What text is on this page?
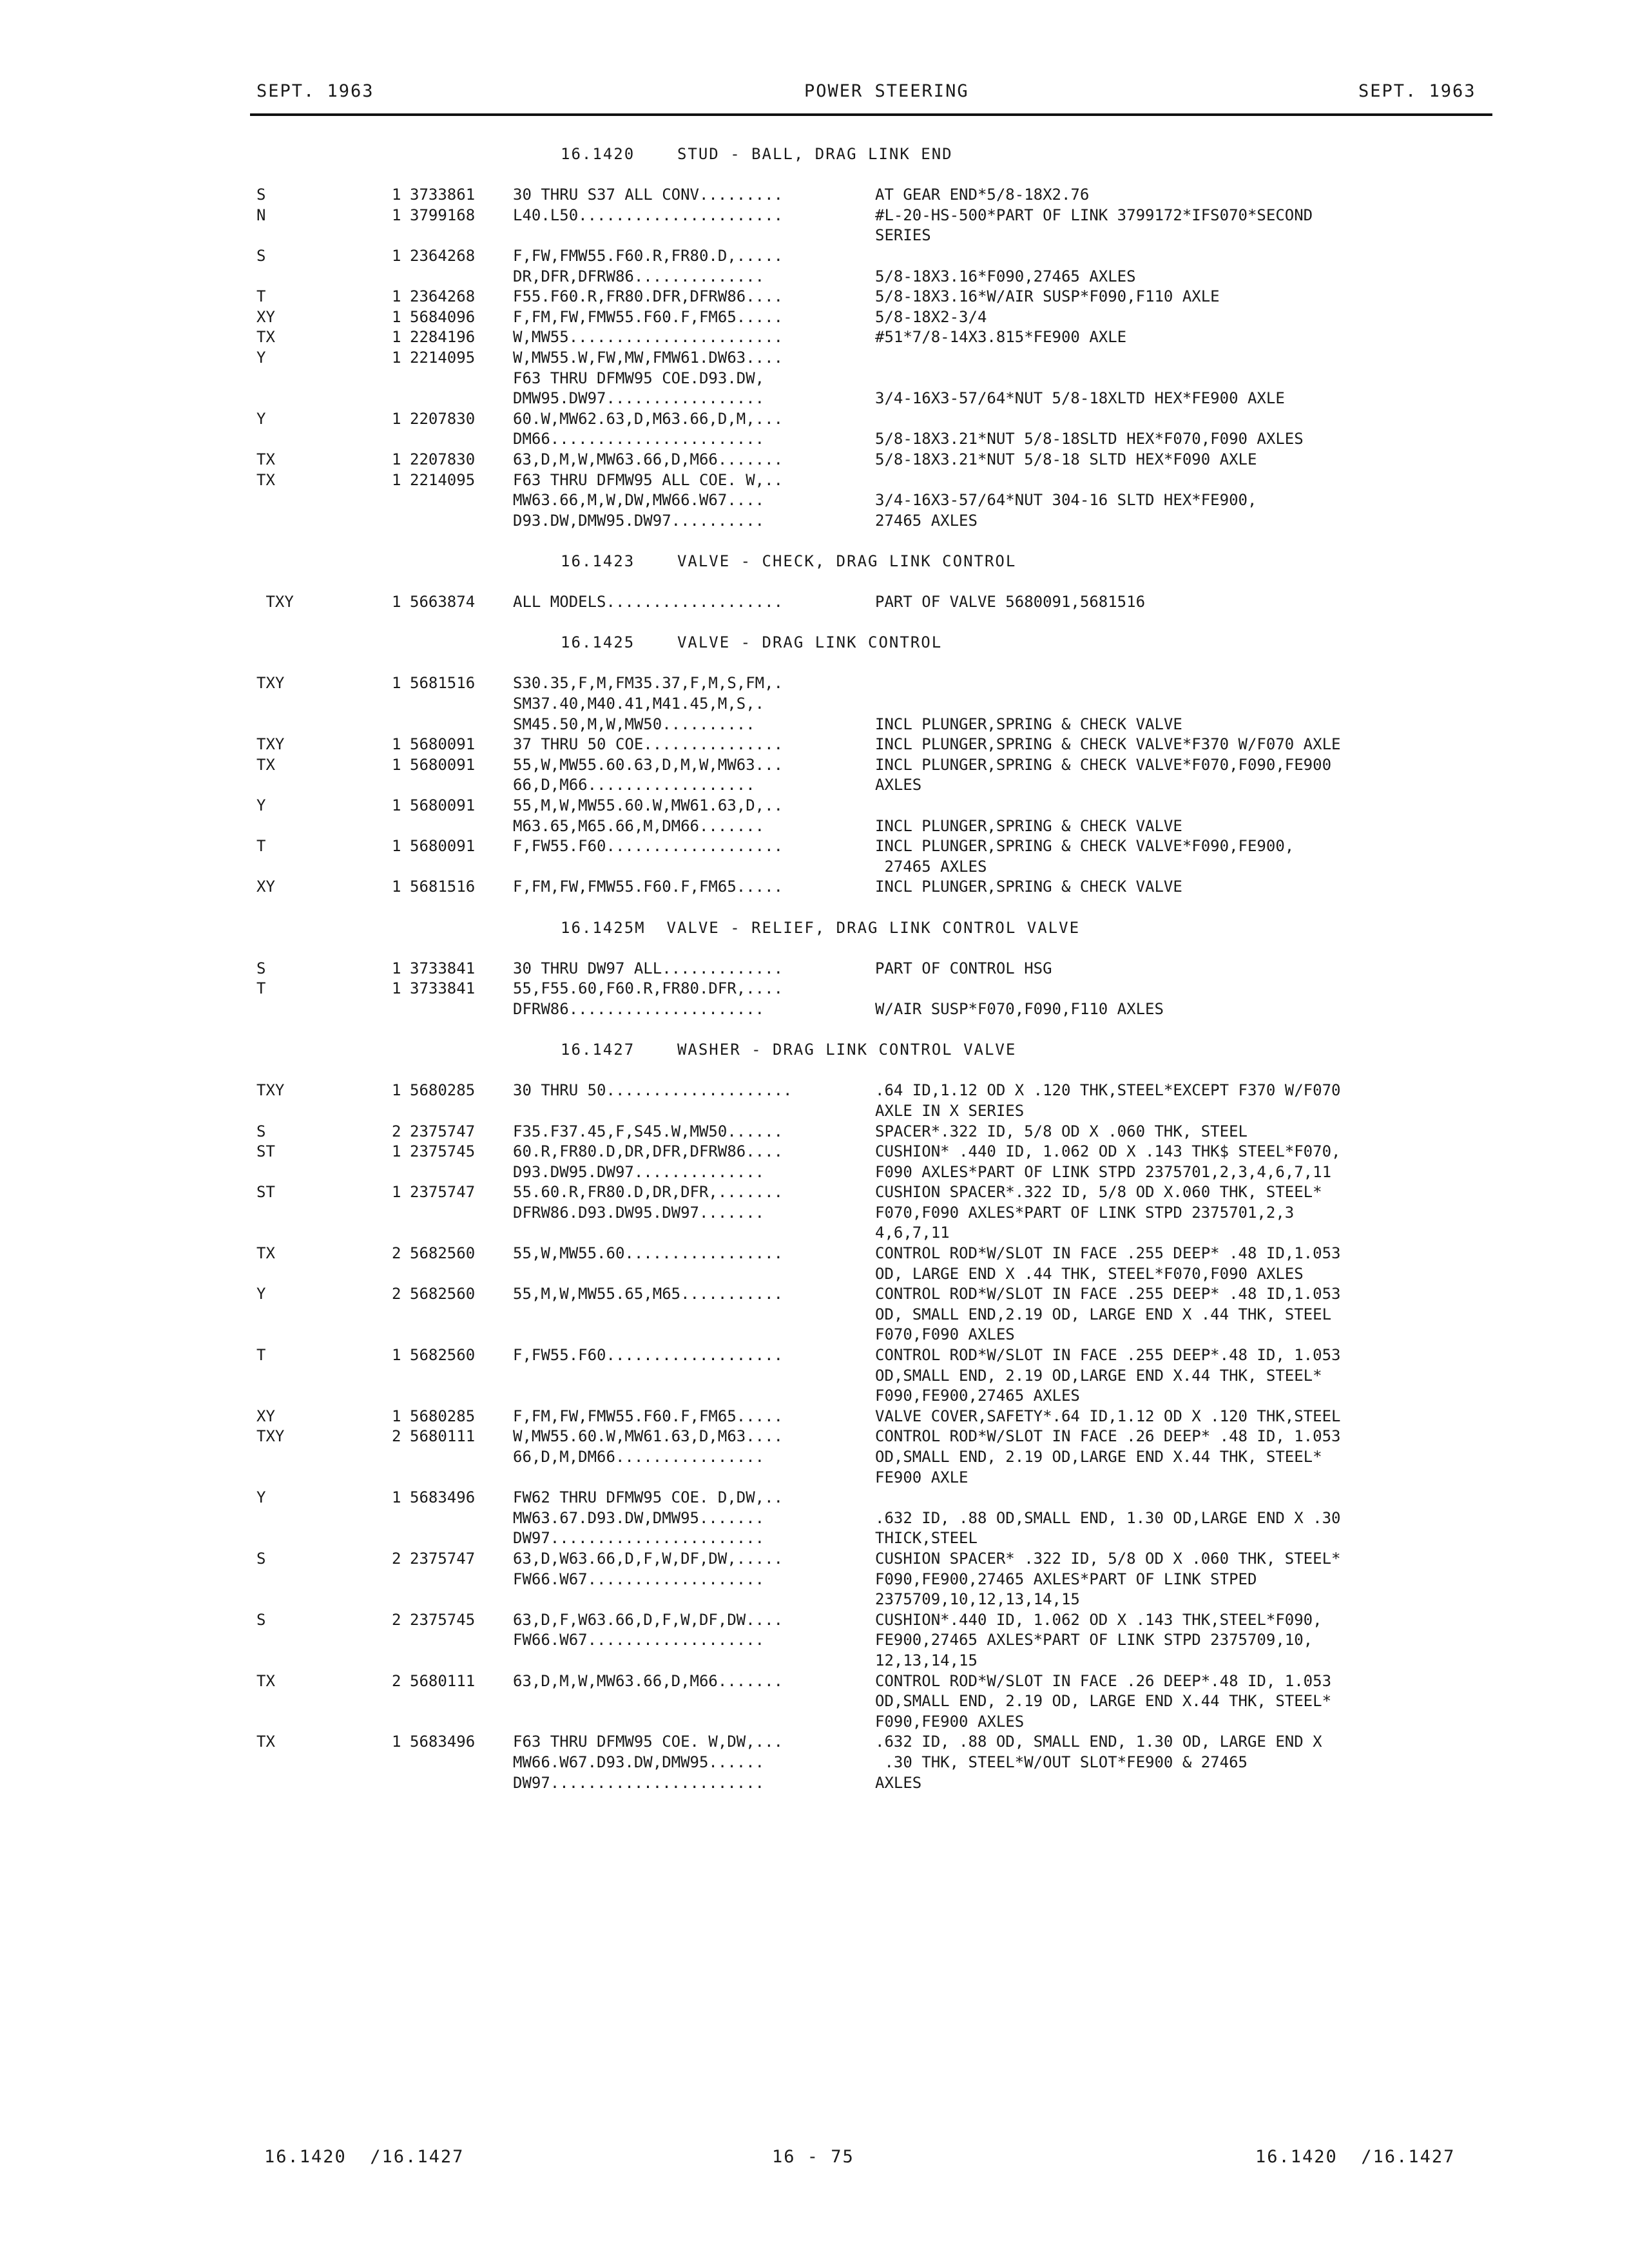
SEPT. 1963	POWER STEERING	SEPT. 1963
16.1420    STUD - BALL, DRAG LINK END
S	1 3733861 30 THRU S37 ALL CONV.........	AT GEAR END*5/8-18X2.76
N	1 3799168 L40.L50......................	#L-20-HS-500*PART OF LINK 3799172*IFS070*SECOND
SERIES
S	1 2364268 F,FW,FMW55.F60.R,FR80.D,.....
DR,DFR,DFRW86..............	5/8-18X3.16*F090,27465 AXLES
T	1 2364268 F55.F60.R,FR80.DFR,DFRW86....	5/8-18X3.16*W/AIR SUSP*F090,F110 AXLE
XY	1 5684096 F,FM,FW,FMW55.F60.F,FM65.....	5/8-18X2-3/4
TX	1 2284196 W,MW55.......................	#51*7/8-14X3.815*FE900 AXLE
Y	1 2214095 W,MW55.W,FW,MW,FMW61.DW63....
F63 THRU DFMW95 COE.D93.DW,
DMW95.DW97.................	3/4-16X3-57/64*NUT 5/8-18XLTD HEX*FE900 AXLE
Y	1 2207830 60.W,MW62.63,D,M63.66,D,M,...
DM66.......................	5/8-18X3.21*NUT 5/8-18SLTD HEX*F070,F090 AXLES
TX	1 2207830 63,D,M,W,MW63.66,D,M66.......	5/8-18X3.21*NUT 5/8-18 SLTD HEX*F090 AXLE
TX	1 2214095 F63 THRU DFMW95 ALL COE. W,..
MW63.66,M,W,DW,MW66.W67....	3/4-16X3-57/64*NUT 304-16 SLTD HEX*FE900,
D93.DW,DMW95.DW97..........	27465 AXLES
16.1423    VALVE - CHECK, DRAG LINK CONTROL
TXY	1 5663874 ALL MODELS...................	PART OF VALVE 5680091,5681516
16.1425    VALVE - DRAG LINK CONTROL
TXY	1 5681516 S30.35,F,M,FM35.37,F,M,S,FM,.
SM37.40,M40.41,M41.45,M,S,.
SM45.50,M,W,MW50..........	INCL PLUNGER,SPRING & CHECK VALVE
TXY	1 5680091 37 THRU 50 COE...............	INCL PLUNGER,SPRING & CHECK VALVE*F370 W/F070 AXLE
TX	1 5680091 55,W,MW55.60.63,D,M,W,MW63...	INCL PLUNGER,SPRING & CHECK VALVE*F070,F090,FE900
66,D,M66..................	AXLES
Y	1 5680091 55,M,W,MW55.60.W,MW61.63,D,..
M63.65,M65.66,M,DM66.......	INCL PLUNGER,SPRING & CHECK VALVE
T	1 5680091 F,FW55.F60...................	INCL PLUNGER,SPRING & CHECK VALVE*F090,FE900,
27465 AXLES
XY	1 5681516 F,FM,FW,FMW55.F60.F,FM65.....	INCL PLUNGER,SPRING & CHECK VALVE
16.1425M  VALVE - RELIEF, DRAG LINK CONTROL VALVE
S	1 3733841 30 THRU DW97 ALL.............	PART OF CONTROL HSG
T	1 3733841 55,F55.60,F60.R,FR80.DFR,....
DFRW86.....................	W/AIR SUSP*F070,F090,F110 AXLES
16.1427    WASHER - DRAG LINK CONTROL VALVE
TXY	1 5680285 30 THRU 50....................	.64 ID,1.12 OD X .120 THK,STEEL*EXCEPT F370 W/F070
AXLE IN X SERIES
S	2 2375747 F35.F37.45,F,S45.W,MW50......	SPACER*.322 ID, 5/8 OD X .060 THK, STEEL
ST	1 2375745 60.R,FR80.D,DR,DFR,DFRW86....	CUSHION* .440 ID, 1.062 OD X .143 THK$ STEEL*F070,
D93.DW95.DW97..............	F090 AXLES*PART OF LINK STPD 2375701,2,3,4,6,7,11
ST	1 2375747 55.60.R,FR80.D,DR,DFR,.......	CUSHION SPACER*.322 ID, 5/8 OD X.060 THK, STEEL*
DFRW86.D93.DW95.DW97.......	F070,F090 AXLES*PART OF LINK STPD 2375701,2,3
4,6,7,11
TX	2 5682560 55,W,MW55.60.................	CONTROL ROD*W/SLOT IN FACE .255 DEEP* .48 ID,1.053
OD, LARGE END X .44 THK, STEEL*F070,F090 AXLES
Y	2 5682560 55,M,W,MW55.65,M65...........	CONTROL ROD*W/SLOT IN FACE .255 DEEP* .48 ID,1.053
OD, SMALL END,2.19 OD, LARGE END X .44 THK, STEEL
F070,F090 AXLES
T	1 5682560 F,FW55.F60...................	CONTROL ROD*W/SLOT IN FACE .255 DEEP*.48 ID, 1.053
OD,SMALL END, 2.19 OD,LARGE END X.44 THK, STEEL*
F090,FE900,27465 AXLES
XY	1 5680285 F,FM,FW,FMW55.F60.F,FM65.....	VALVE COVER,SAFETY*.64 ID,1.12 OD X .120 THK,STEEL
TXY	2 5680111 W,MW55.60.W,MW61.63,D,M63....	CONTROL ROD*W/SLOT IN FACE .26 DEEP* .48 ID, 1.053
66,D,M,DM66................	OD,SMALL END, 2.19 OD,LARGE END X.44 THK, STEEL*
FE900 AXLE
Y	1 5683496 FW62 THRU DFMW95 COE. D,DW,..
MW63.67.D93.DW,DMW95.......	.632 ID, .88 OD,SMALL END, 1.30 OD,LARGE END X .30
DW97.......................	THICK,STEEL
S	2 2375747 63,D,W63.66,D,F,W,DF,DW,.....	CUSHION SPACER* .322 ID, 5/8 OD X .060 THK, STEEL*
FW66.W67...................	F090,FE900,27465 AXLES*PART OF LINK STPED
2375709,10,12,13,14,15
S	2 2375745 63,D,F,W63.66,D,F,W,DF,DW....	CUSHION*.440 ID, 1.062 OD X .143 THK,STEEL*F090,
FW66.W67...................	FE900,27465 AXLES*PART OF LINK STPD 2375709,10,
12,13,14,15
TX	2 5680111 63,D,M,W,MW63.66,D,M66.......	CONTROL ROD*W/SLOT IN FACE .26 DEEP*.48 ID, 1.053
OD,SMALL END, 2.19 OD, LARGE END X.44 THK, STEEL*
F090,FE900 AXLES
TX	1 5683496 F63 THRU DFMW95 COE. W,DW,...	.632 ID, .88 OD, SMALL END, 1.30 OD, LARGE END X
MW66.W67.D93.DW,DMW95......	.30 THK, STEEL*W/OUT SLOT*FE900 & 27465
DW97.......................	AXLES
16.1420  /16.1427	16 - 75	16.1420  /16.1427
